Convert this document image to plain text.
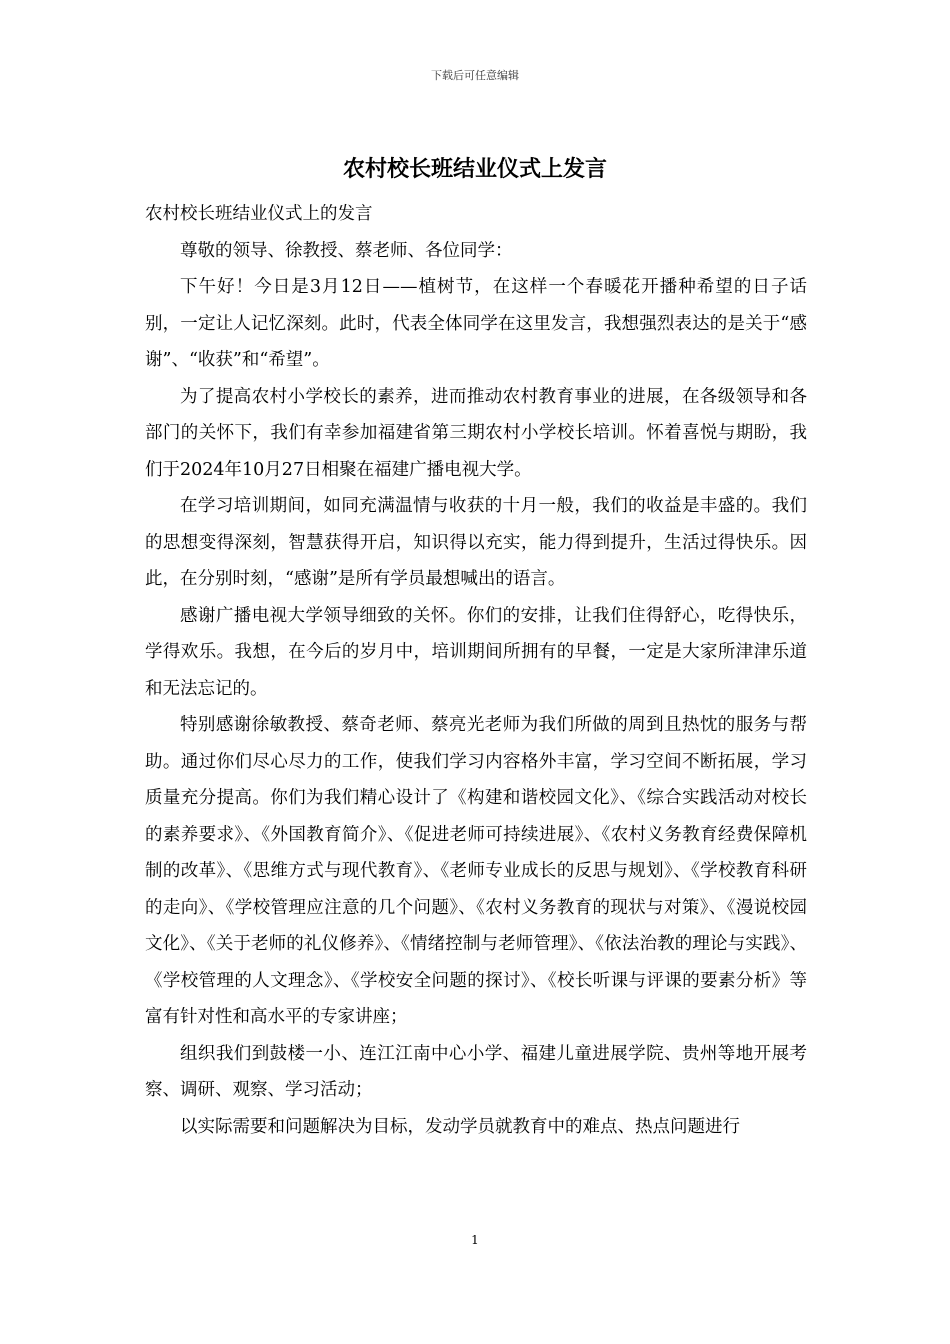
下载后可任意编辑
农村校长班结业仪式上发言

农村校长班结业仪式上的发言

尊敬的领导、徐教授、蔡老师、各位同学：

下午好！今日是3月12日——植树节，在这样一个春暖花开播种希望的日子话别，一定让人记忆深刻。此时，代表全体同学在这里发言，我想强烈表达的是关于“感谢”、“收获”和“希望”。

为了提高农村小学校长的素养，进而推动农村教育事业的进展，在各级领导和各部门的关怀下，我们有幸参加福建省第三期农村小学校长培训。怀着喜悦与期盼，我们于2024年10月27日相聚在福建广播电视大学。

在学习培训期间，如同充满温情与收获的十月一般，我们的收益是丰盛的。我们的思想变得深刻，智慧获得开启，知识得以充实，能力得到提升，生活过得快乐。因此，在分别时刻，“感谢”是所有学员最想喊出的语言。

感谢广播电视大学领导细致的关怀。你们的安排，让我们住得舒心，吃得快乐，学得欢乐。我想，在今后的岁月中，培训期间所拥有的早餐，一定是大家所津津乐道和无法忘记的。

特别感谢徐敏教授、蔡奇老师、蔡亮光老师为我们所做的周到且热忱的服务与帮助。通过你们尽心尽力的工作，使我们学习内容格外丰富，学习空间不断拓展，学习质量充分提高。你们为我们精心设计了《构建和谐校园文化》、《综合实践活动对校长的素养要求》、《外国教育简介》、《促进老师可持续进展》、《农村义务教育经费保障机制的改革》、《思维方式与现代教育》、《老师专业成长的反思与规划》、《学校教育科研的走向》、《学校管理应注意的几个问题》、《农村义务教育的现状与对策》、《漫说校园文化》、《关于老师的礼仪修养》、《情绪控制与老师管理》、《依法治教的理论与实践》、《学校管理的人文理念》、《学校安全问题的探讨》、《校长听课与评课的要素分析》等富有针对性和高水平的专家讲座；

组织我们到鼓楼一小、连江江南中心小学、福建儿童进展学院、贵州等地开展考察、调研、观察、学习活动；

以实际需要和问题解决为目标，发动学员就教育中的难点、热点问题进行

1
